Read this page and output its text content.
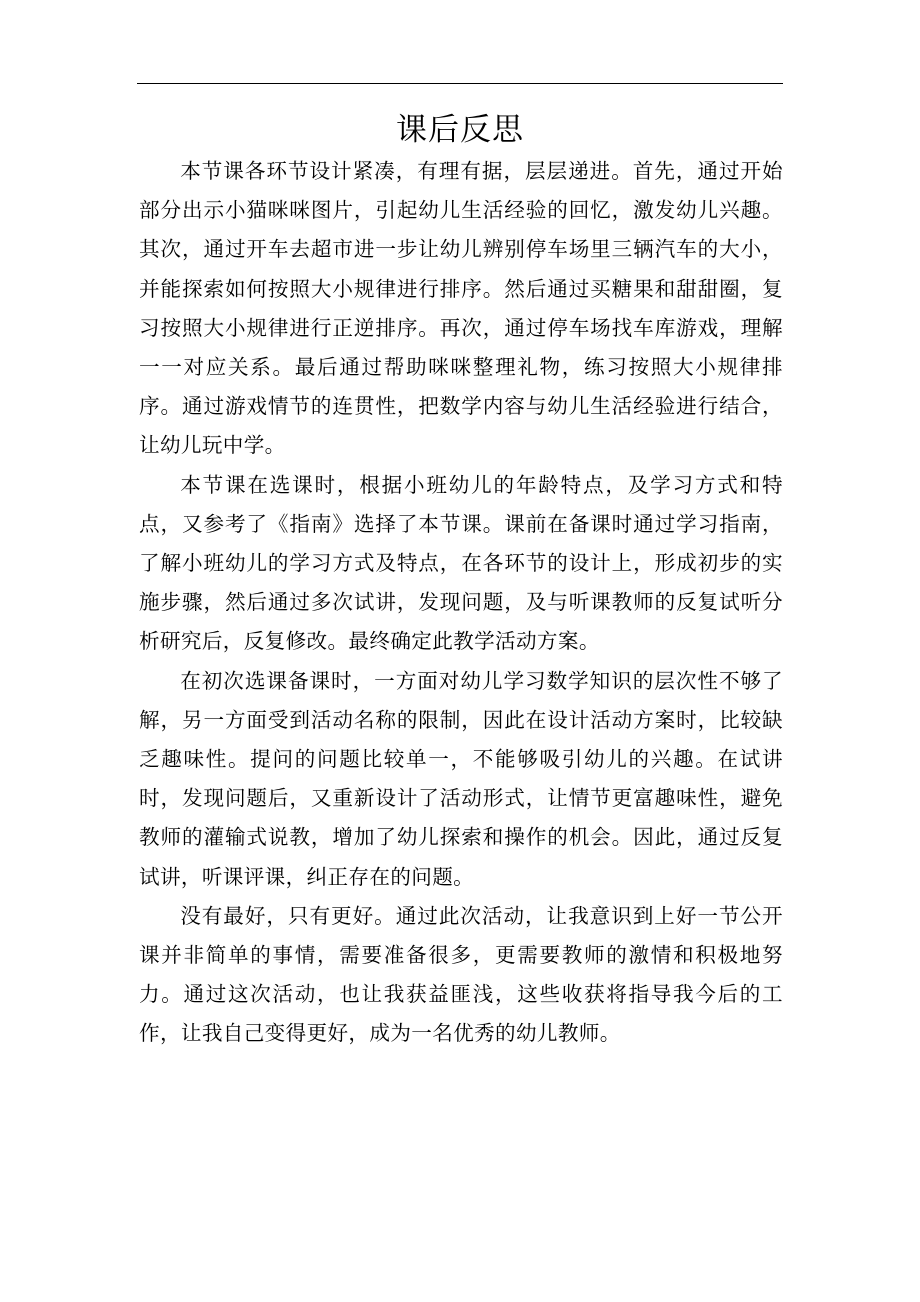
课后反思

本节课各环节设计紧凑，有理有据，层层递进。首先，通过开始部分出示小猫咪咪图片，引起幼儿生活经验的回忆，激发幼儿兴趣。其次，通过开车去超市进一步让幼儿辨别停车场里三辆汽车的大小，并能探索如何按照大小规律进行排序。然后通过买糖果和甜甜圈，复习按照大小规律进行正逆排序。再次，通过停车场找车库游戏，理解一一对应关系。最后通过帮助咪咪整理礼物，练习按照大小规律排序。通过游戏情节的连贯性，把数学内容与幼儿生活经验进行结合，让幼儿玩中学。

本节课在选课时，根据小班幼儿的年龄特点，及学习方式和特点，又参考了《指南》选择了本节课。课前在备课时通过学习指南，了解小班幼儿的学习方式及特点，在各环节的设计上，形成初步的实施步骤，然后通过多次试讲，发现问题，及与听课教师的反复试听分析研究后，反复修改。最终确定此教学活动方案。

在初次选课备课时，一方面对幼儿学习数学知识的层次性不够了解，另一方面受到活动名称的限制，因此在设计活动方案时，比较缺乏趣味性。提问的问题比较单一，不能够吸引幼儿的兴趣。在试讲时，发现问题后，又重新设计了活动形式，让情节更富趣味性，避免教师的灌输式说教，增加了幼儿探索和操作的机会。因此，通过反复试讲，听课评课，纠正存在的问题。

没有最好，只有更好。通过此次活动，让我意识到上好一节公开课并非简单的事情，需要准备很多，更需要教师的激情和积极地努力。通过这次活动，也让我获益匪浅，这些收获将指导我今后的工作，让我自己变得更好，成为一名优秀的幼儿教师。
